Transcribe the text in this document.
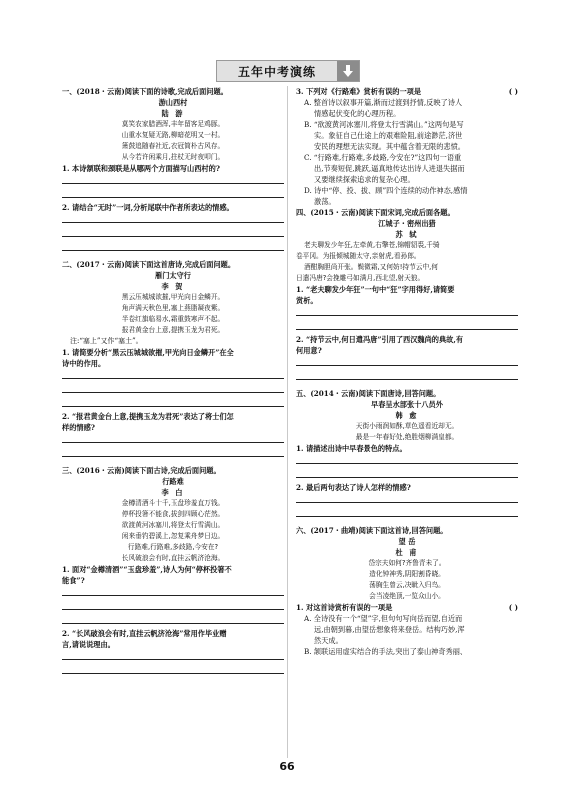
五年中考演练
一、(2018・云南)阅读下面的诗歌,完成后面问题。
游山西村
陆 游
莫笑农家腊酒浑,丰年留客足鸡豚。
山重水复疑无路,柳暗花明又一村。
箫鼓追随春社近,衣冠简朴古风存。
从今若许闲乘月,拄杖无时夜叩门。
1. 本诗颔联和颈联是从哪两个方面描写山西村的?
2. 请结合“无时”一词,分析尾联中作者所表达的情感。
二、(2017・云南)阅读下面这首唐诗,完成后面问题。
雁门太守行
李 贺
黑云压城城欲摧,甲光向日金鳞开。
角声满天秋色里,塞上燕脂凝夜紫。
半卷红旗临易水,霜重鼓寒声不起。
报君黄金台上意,提携玉龙为君死。
注:“塞上”又作“塞土”。
1. 请简要分析“黑云压城城欲摧,甲光向日金鳞开”在全
诗中的作用。
2. “报君黄金台上意,提携玉龙为君死”表达了将士们怎
样的情感?
三、(2016・云南)阅读下面古诗,完成后面问题。
行路难
李 白
金樽清酒斗十千,玉盘珍羞直万钱。
停杯投箸不能食,拔剑四顾心茫然。
欲渡黄河冰塞川,将登太行雪满山。
闲来垂钓碧溪上,忽复乘舟梦日边。
行路难,行路难,多歧路,今安在?
长风破浪会有时,直挂云帆济沧海。
1. 面对“金樽清酒”“玉盘珍羞”,诗人为何“停杯投箸不
能食”?
2. “长风破浪会有时,直挂云帆济沧海”常用作毕业赠
言,请说说理由。
3. 下列对《行路难》赏析有误的一项是	( )
A. 整首诗以叙事开篇,渐而过渡到抒情,反映了诗人
情感起伏变化的心理历程。
B. “欲渡黄河冰塞川,将登太行雪满山。”这两句是写
实。象征自己仕途上的艰难险阻,前途渺茫,济世
安民的理想无法实现。其中蕴含着无限的悲愤。
C. “行路难,行路难,多歧路,今安在?”这四句一语重
出,节奏短促,跳跃,逼真地传达出诗人进退失据而
又要继续探索追求的复杂心理。
D. 诗中“停、投、拔、顾”四个连续的动作神态,感情
激荡。
四、(2015・云南)阅读下面宋词,完成后面各题。
江城子・密州出猎
苏 轼
老夫聊发少年狂,左牵黄,右擎苍,锦帽貂裘,千骑
卷平冈。为报倾城随太守,亲射虎,看孙郎。
酒酣胸胆尚开张。鬓微霜,又何妨!持节云中,何
日遣冯唐?会挽雕弓如满月,西北望,射天狼。
1. “老夫聊发少年狂”一句中“狂”字用得好,请简要
赏析。
2. “持节云中,何日遣冯唐”引用了西汉魏尚的典故,有
何用意?
五、(2014・云南)阅读下面唐诗,回答问题。
早春呈水部张十八员外
韩 愈
天街小雨润如酥,草色遥看近却无。
最是一年春好处,绝胜烟柳满皇都。
1. 请描述出诗中早春景色的特点。
2. 最后两句表达了诗人怎样的情感?
六、(2017・曲靖)阅读下面这首诗,回答问题。
望 岳
杜 甫
岱宗夫如何?齐鲁青未了。
造化钟神秀,阴阳割昏晓。
荡胸生曾云,决眦入归鸟。
会当凌绝顶,一览众山小。
1. 对这首诗赏析有误的一项是	( )
A. 全诗没有一个“望”字,但句句写向岳而望,自近而
远,由朝到暮,由望岳想象将来登岳。结构巧妙,浑
然天成。
B. 颔联运用虚实结合的手法,突出了泰山神奇秀丽、
66
